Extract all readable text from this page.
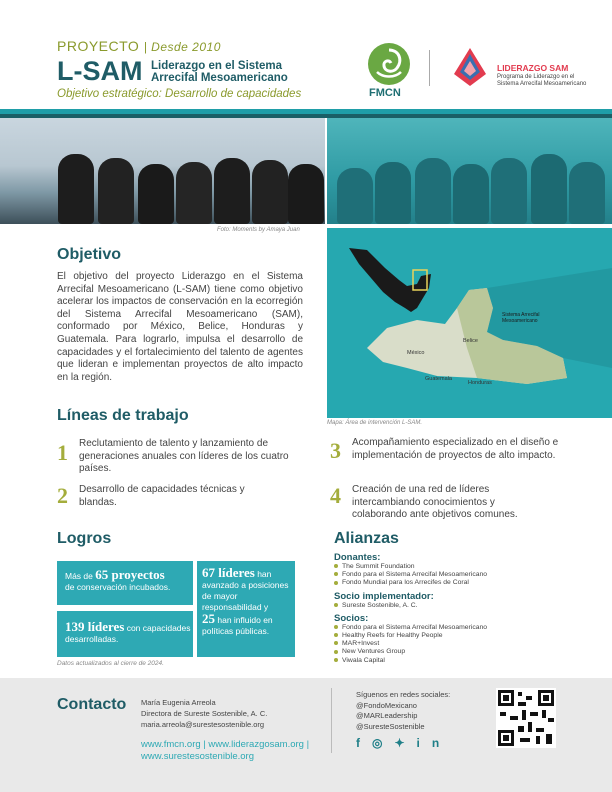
PROYECTO | Desde 2010
L-SAM Liderazgo en el Sistema Arrecifal Mesoamericano
Objetivo estratégico: Desarrollo de capacidades	FMCN
LIDERAZGO SAM
Programa de Liderazgo en el Sistema Arrecifal Mesoamericano
Foto: Moments by Amaya Juan
Objetivo
El objetivo del proyecto Liderazgo en el Sistema Arrecifal Mesoamericano (L-SAM) tiene como objetivo acelerar los impactos de conservación en la ecorregión del Sistema Arrecifal Mesoamericano (SAM), conformado por México, Belice, Honduras y Guatemala. Para lograrlo, impulsa el desarrollo de capacidades y el fortalecimiento del talento de agentes que lideran e implementan proyectos de alto impacto en la región.
Sistema Arrecifal Mesoamericano
México
Belice
Guatemala
Honduras
Mapa: Área de intervención L-SAM.
Líneas de trabajo
1 Reclutamiento de talento y lanzamiento de generaciones anuales con líderes de los cuatro países.
2 Desarrollo de capacidades técnicas y blandas.
3 Acompañamiento especializado en el diseño e implementación de proyectos de alto impacto.
4 Creación de una red de líderes intercambiando conocimientos y colaborando ante objetivos comunes.
Logros
Más de 65 proyectos
de conservación incubados.
139 líderes con capacidades desarrolladas.
67 líderes han avanzado a posiciones de mayor responsabilidad y
25 han influido en políticas públicas.
Datos actualizados al cierre de 2024.
Alianzas
Donantes:
The Summit Foundation
Fondo para el Sistema Arrecifal Mesoamericano
Fondo Mundial para los Arrecifes de Coral
Socio implementador:
Sureste Sostenible, A. C.
Socios:
Fondo para el Sistema Arrecifal Mesoamericano
Healthy Reefs for Healthy People
MAR+Invest
New Ventures Group
Viwala Capital
Contacto María Eugenia Arreola
Directora de Sureste Sostenible, A. C.
maria.arreola@surestesostenible.org
www.fmcn.org | www.liderazgosam.org |
www.surestesostenible.org
Síguenos en redes sociales:
@FondoMexicano
@MARLeadership
@SuresteSostenible
f◎✦in
